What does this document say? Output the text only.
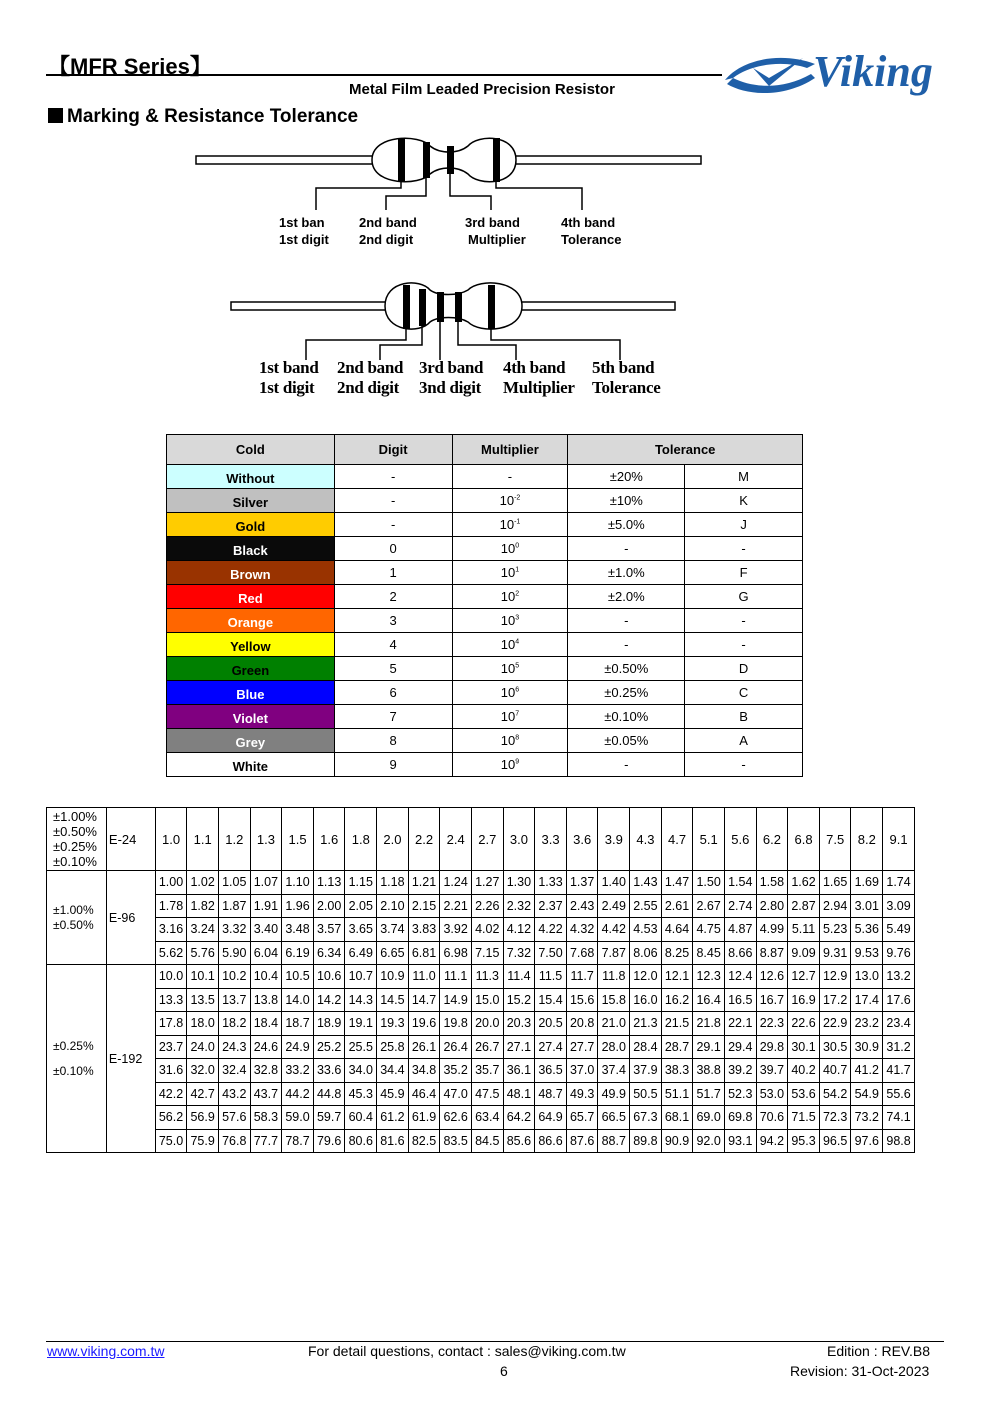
【MFR Series】
Metal Film Leaded Precision Resistor	Viking
Marking & Resistance Tolerance
1st ban
1st digit
2nd band
2nd digit
3rd band
Multiplier
4th band
Tolerance
1st band
1st digit
2nd band
2nd digit
3rd band
3nd digit
4th band
Multiplier
5th band
Tolerance
Cold	Digit	Multiplier	Tolerance	
Without	-	-	±20%	M
Silver	-	$10^{-2}$	±10%	K
Gold	-	$10^{-1}$	±5.0%	J
Black	0	$10^0$	-	-
Brown	1	$10^1$	±1.0%	F
Red	2	$10^2$	±2.0%	G
Orange	3	$10^3$	-	-
Yellow	4	$10^4$	-	-
Green	5	$10^5$	±0.50%	D
Blue	6	$10^6$	±0.25%	C
Violet	7	$10^7$	±0.10%	B
Grey	8	$10^8$	±0.05%	A
White	9	$10^9$	-	-
±1.00%
±0.50%
±0.25%
±0.10%	E-24	1.0	1.1	1.2	1.3	1.5	1.6	1.8	2.0	2.2	2.4	2.7	3.0	3.3	3.6	3.9	4.3	4.7	5.1	5.6	6.2	6.8	7.5	8.2	9.1

±1.00%
±0.50%	E-96	1.00	1.02	1.05	1.07	1.10	1.13	1.15	1.18	1.21	1.24	1.27	1.30	1.33	1.37	1.40	1.43	1.47	1.50	1.54	1.58	1.62	1.65	1.69	1.74
		1.78	1.82	1.87	1.91	1.96	2.00	2.05	2.10	2.15	2.21	2.26	2.32	2.37	2.43	2.49	2.55	2.61	2.67	2.74	2.80	2.87	2.94	3.01	3.09
		3.16	3.24	3.32	3.40	3.48	3.57	3.65	3.74	3.83	3.92	4.02	4.12	4.22	4.32	4.42	4.53	4.64	4.75	4.87	4.99	5.11	5.23	5.36	5.49
		5.62	5.76	5.90	6.04	6.19	6.34	6.49	6.65	6.81	6.98	7.15	7.32	7.50	7.68	7.87	8.06	8.25	8.45	8.66	8.87	9.09	9.31	9.53	9.76

±0.25%
±0.10%	E-192	10.0	10.1	10.2	10.4	10.5	10.6	10.7	10.9	11.0	11.1	11.3	11.4	11.5	11.7	11.8	12.0	12.1	12.3	12.4	12.6	12.7	12.9	13.0	13.2
		13.3	13.5	13.7	13.8	14.0	14.2	14.3	14.5	14.7	14.9	15.0	15.2	15.4	15.6	15.8	16.0	16.2	16.4	16.5	16.7	16.9	17.2	17.4	17.6
		17.8	18.0	18.2	18.4	18.7	18.9	19.1	19.3	19.6	19.8	20.0	20.3	20.5	20.8	21.0	21.3	21.5	21.8	22.1	22.3	22.6	22.9	23.2	23.4
		23.7	24.0	24.3	24.6	24.9	25.2	25.5	25.8	26.1	26.4	26.7	27.1	27.4	27.7	28.0	28.4	28.7	29.1	29.4	29.8	30.1	30.5	30.9	31.2
		31.6	32.0	32.4	32.8	33.2	33.6	34.0	34.4	34.8	35.2	35.7	36.1	36.5	37.0	37.4	37.9	38.3	38.8	39.2	39.7	40.2	40.7	41.2	41.7
		42.2	42.7	43.2	43.7	44.2	44.8	45.3	45.9	46.4	47.0	47.5	48.1	48.7	49.3	49.9	50.5	51.1	51.7	52.3	53.0	53.6	54.2	54.9	55.6
		56.2	56.9	57.6	58.3	59.0	59.7	60.4	61.2	61.9	62.6	63.4	64.2	64.9	65.7	66.5	67.3	68.1	69.0	69.8	70.6	71.5	72.3	73.2	74.1
		75.0	75.9	76.8	77.7	78.7	79.6	80.6	81.6	82.5	83.5	84.5	85.6	86.6	87.6	88.7	89.8	90.9	92.0	93.1	94.2	95.3	96.5	97.6	98.8
www.viking.com.tw	For detail questions, contact : sales@viking.com.tw
6
Edition : REV.B8
Revision: 31-Oct-2023
